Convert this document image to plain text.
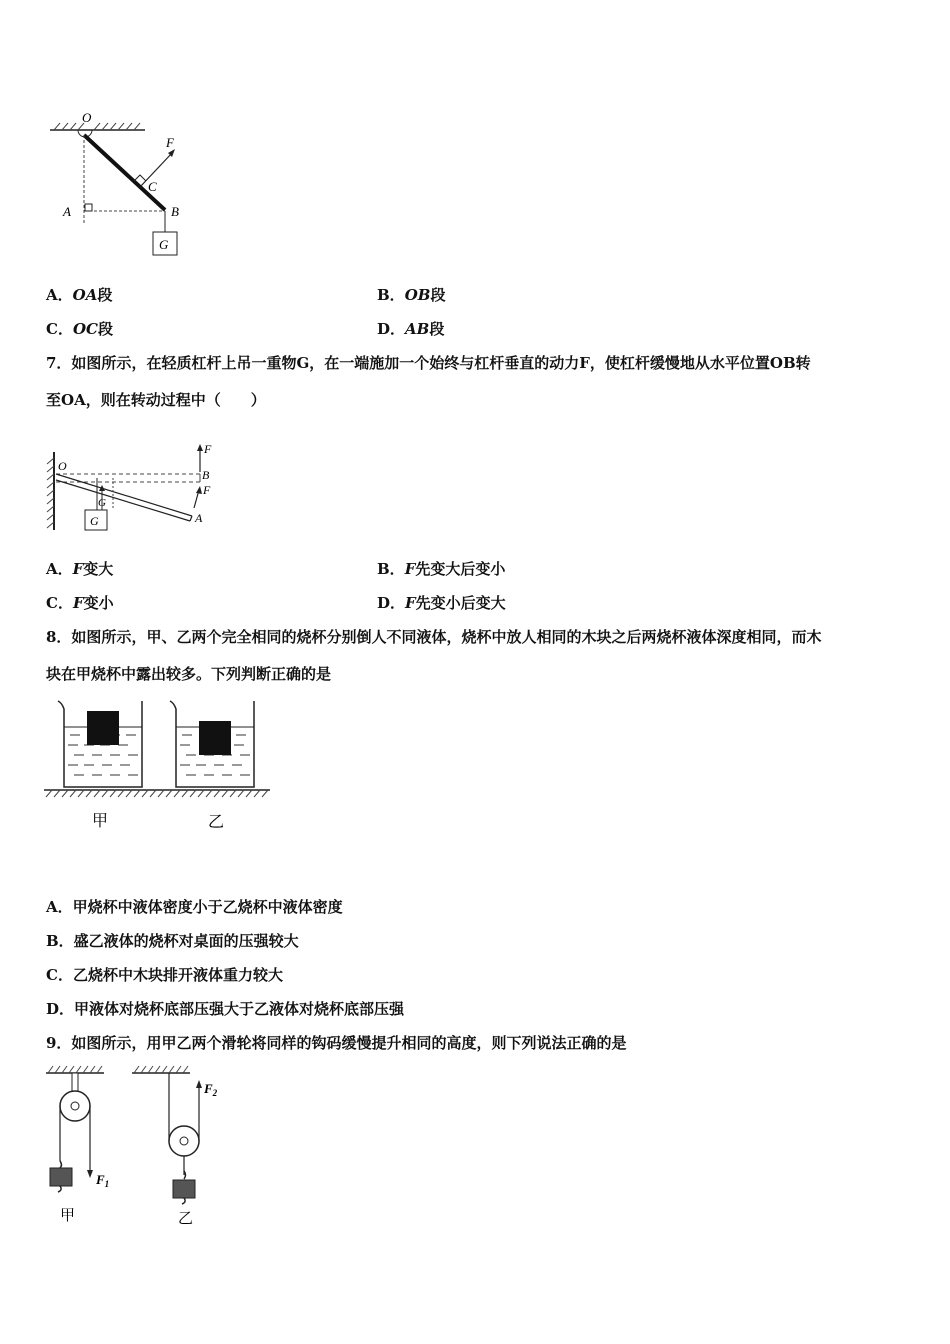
O
F
C
A	B
G
A．OA段	B．OB段
C．OC段	D．AB段
7．如图所示，在轻质杠杆上吊一重物G，在一端施加一个始终与杠杆垂直的动力F，使杠杆缓慢地从水平位置OB转
至OA，则在转动过程中（　　）
O
B
A
F
F
G
G
A．F变大	B．F先变大后变小
C．F变小	D．F先变小后变大
8．如图所示，甲、乙两个完全相同的烧杯分别倒人不同液体，烧杯中放人相同的木块之后两烧杯液体深度相同，而木
块在甲烧杯中露出较多。下列判断正确的是
甲	乙
A．甲烧杯中液体密度小于乙烧杯中液体密度
B．盛乙液体的烧杯对桌面的压强较大
C．乙烧杯中木块排开液体重力较大
D．甲液体对烧杯底部压强大于乙液体对烧杯底部压强
9．如图所示，用甲乙两个滑轮将同样的钩码缓慢提升相同的高度，则下列说法正确的是
$F_1$
$F_2$
甲	乙
